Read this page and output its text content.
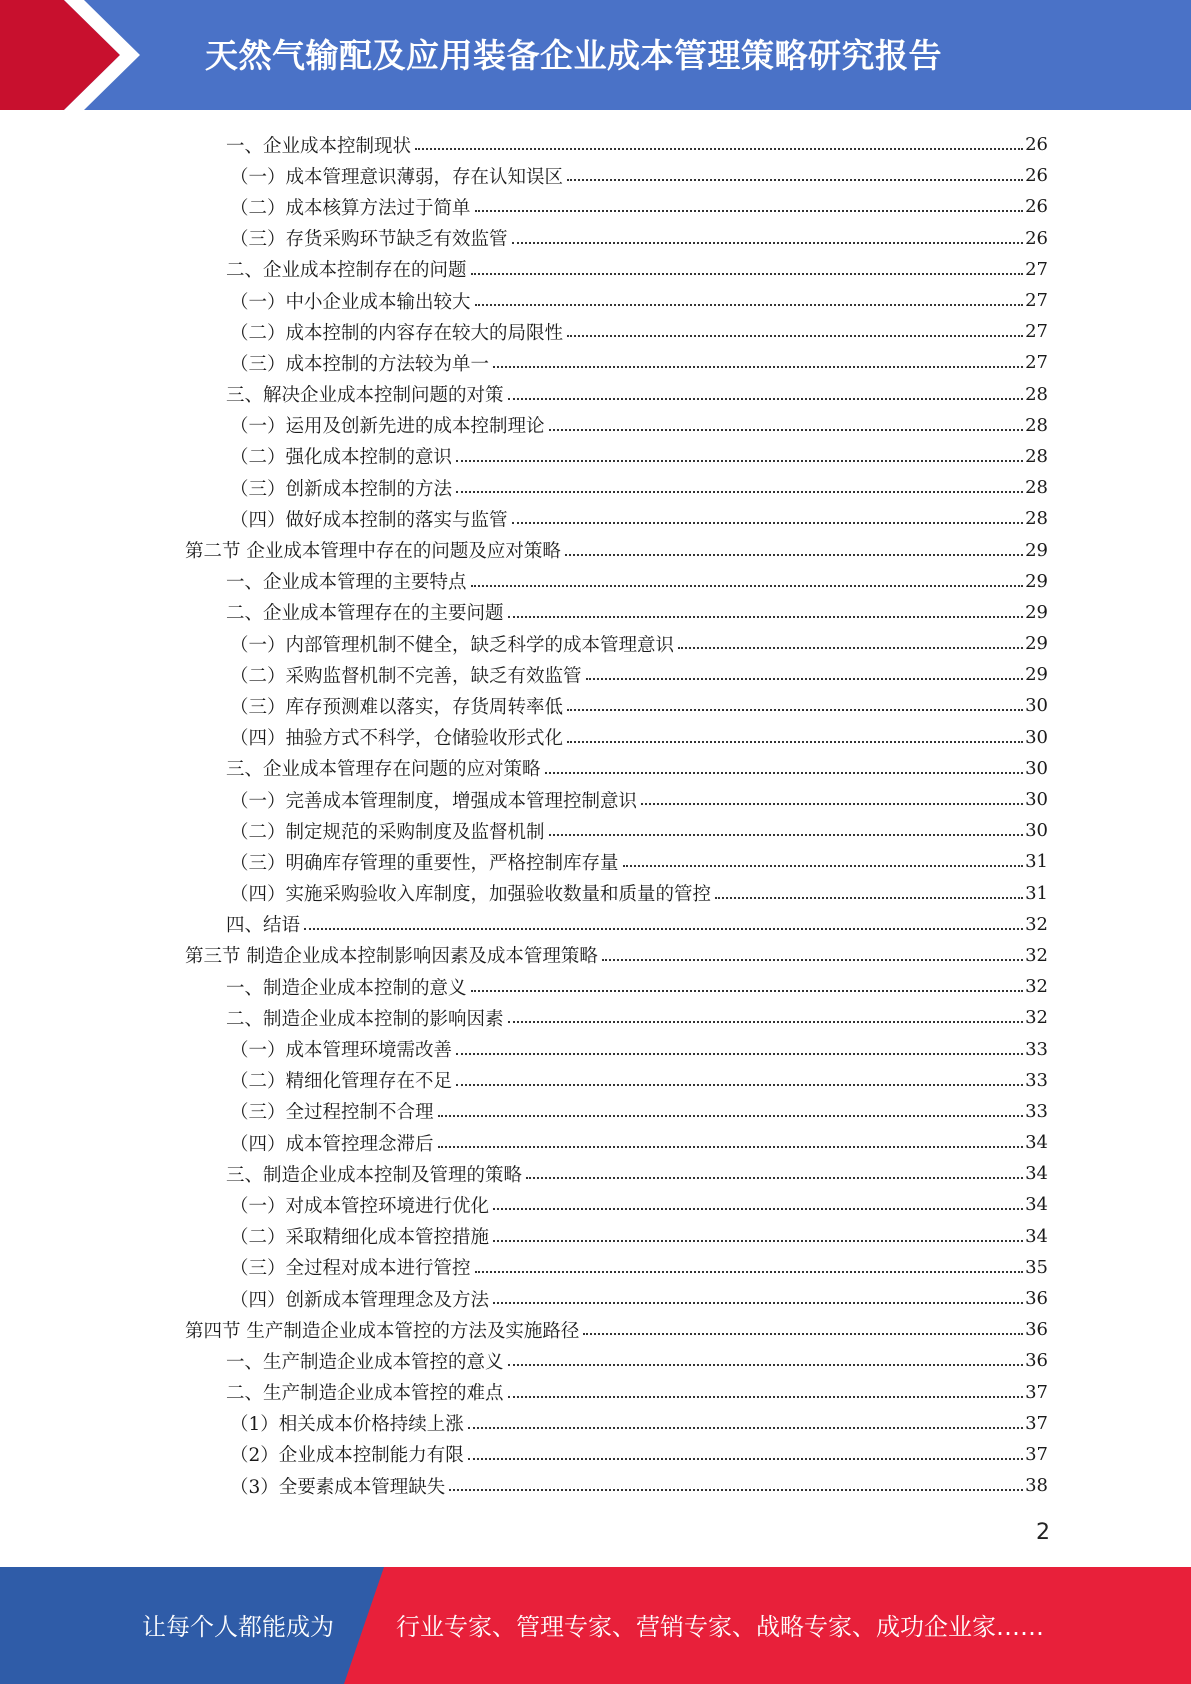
天然气输配及应用装备企业成本管理策略研究报告
一、企业成本控制现状	26
（一）成本管理意识薄弱，存在认知误区	26
（二）成本核算方法过于简单	26
（三）存货采购环节缺乏有效监管	26
二、企业成本控制存在的问题	27
（一）中小企业成本输出较大	27
（二）成本控制的内容存在较大的局限性	27
（三）成本控制的方法较为单一	27
三、解决企业成本控制问题的对策	28
（一）运用及创新先进的成本控制理论	28
（二）强化成本控制的意识	28
（三）创新成本控制的方法	28
（四）做好成本控制的落实与监管	28
第二节 企业成本管理中存在的问题及应对策略	29
一、企业成本管理的主要特点	29
二、企业成本管理存在的主要问题	29
（一）内部管理机制不健全，缺乏科学的成本管理意识	29
（二）采购监督机制不完善，缺乏有效监管	29
（三）库存预测难以落实，存货周转率低	30
（四）抽验方式不科学，仓储验收形式化	30
三、企业成本管理存在问题的应对策略	30
（一）完善成本管理制度，增强成本管理控制意识	30
（二）制定规范的采购制度及监督机制	30
（三）明确库存管理的重要性，严格控制库存量	31
（四）实施采购验收入库制度，加强验收数量和质量的管控	31
四、结语	32
第三节 制造企业成本控制影响因素及成本管理策略	32
一、制造企业成本控制的意义	32
二、制造企业成本控制的影响因素	32
（一）成本管理环境需改善	33
（二）精细化管理存在不足	33
（三）全过程控制不合理	33
（四）成本管控理念滞后	34
三、制造企业成本控制及管理的策略	34
（一）对成本管控环境进行优化	34
（二）采取精细化成本管控措施	34
（三）全过程对成本进行管控	35
（四）创新成本管理理念及方法	36
第四节 生产制造企业成本管控的方法及实施路径	36
一、生产制造企业成本管控的意义	36
二、生产制造企业成本管控的难点	37
（1）相关成本价格持续上涨	37
（2）企业成本控制能力有限	37
（3）全要素成本管理缺失	38
2
让每个人都能成为	行业专家、管理专家、营销专家、战略专家、成功企业家……
